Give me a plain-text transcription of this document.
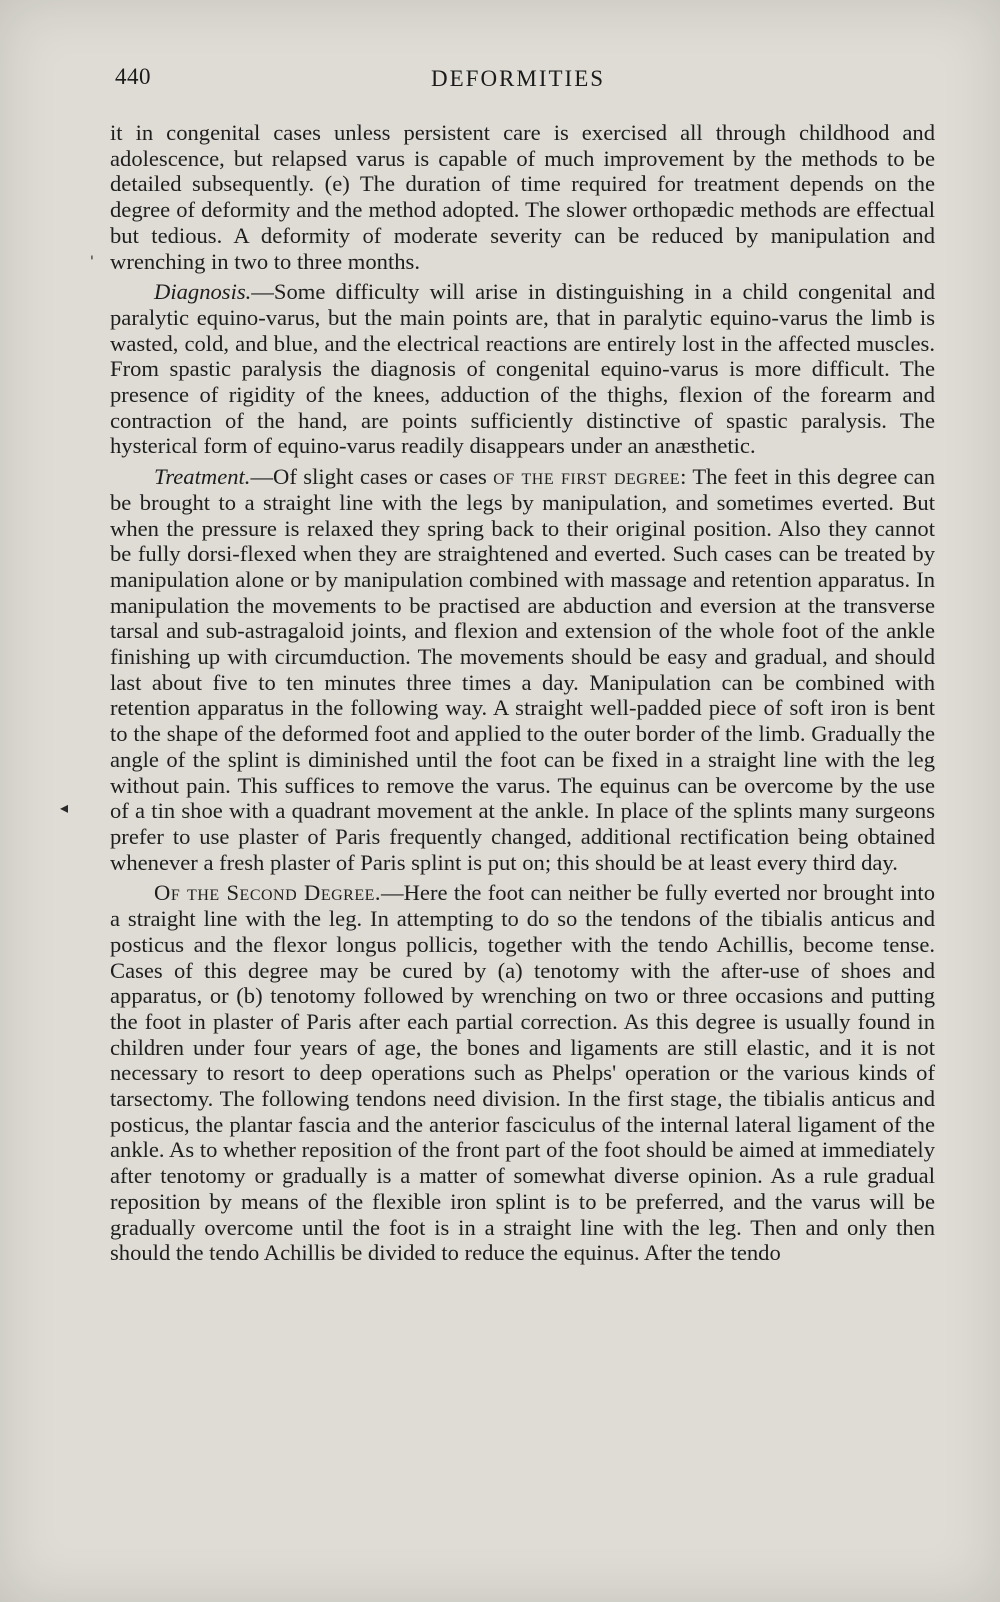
440	DEFORMITIES
'
◂

it in congenital cases unless persistent care is exercised all through childhood and adolescence, but relapsed varus is capable of much improvement by the methods to be detailed subsequently. (e) The duration of time required for treatment depends on the degree of deformity and the method adopted. The slower orthopædic methods are effectual but tedious. A deformity of moderate severity can be reduced by manipulation and wrenching in two to three months.

Diagnosis.—Some difficulty will arise in distinguishing in a child congenital and paralytic equino-varus, but the main points are, that in paralytic equino-varus the limb is wasted, cold, and blue, and the electrical reactions are entirely lost in the affected muscles. From spastic paralysis the diagnosis of congenital equino-varus is more difficult. The presence of rigidity of the knees, adduction of the thighs, flexion of the forearm and contraction of the hand, are points sufficiently distinctive of spastic paralysis. The hysterical form of equino-varus readily disappears under an anæsthetic.

Treatment.—Of slight cases or cases of the first degree: The feet in this degree can be brought to a straight line with the legs by manipulation, and sometimes everted. But when the pressure is relaxed they spring back to their original position. Also they cannot be fully dorsi-flexed when they are straightened and everted. Such cases can be treated by manipulation alone or by manipulation combined with massage and retention apparatus. In manipulation the movements to be practised are abduction and eversion at the transverse tarsal and sub-astragaloid joints, and flexion and extension of the whole foot of the ankle finishing up with circumduction. The movements should be easy and gradual, and should last about five to ten minutes three times a day. Manipulation can be combined with retention apparatus in the following way. A straight well-padded piece of soft iron is bent to the shape of the deformed foot and applied to the outer border of the limb. Gradually the angle of the splint is diminished until the foot can be fixed in a straight line with the leg without pain. This suffices to remove the varus. The equinus can be overcome by the use of a tin shoe with a quadrant movement at the ankle. In place of the splints many surgeons prefer to use plaster of Paris frequently changed, additional rectification being obtained whenever a fresh plaster of Paris splint is put on; this should be at least every third day.

Of the Second Degree.—Here the foot can neither be fully everted nor brought into a straight line with the leg. In attempting to do so the tendons of the tibialis anticus and posticus and the flexor longus pollicis, together with the tendo Achillis, become tense. Cases of this degree may be cured by (a) tenotomy with the after-use of shoes and apparatus, or (b) tenotomy followed by wrenching on two or three occasions and putting the foot in plaster of Paris after each partial correction. As this degree is usually found in children under four years of age, the bones and ligaments are still elastic, and it is not necessary to resort to deep operations such as Phelps' operation or the various kinds of tarsectomy. The following tendons need division. In the first stage, the tibialis anticus and posticus, the plantar fascia and the anterior fasciculus of the internal lateral ligament of the ankle. As to whether reposition of the front part of the foot should be aimed at immediately after tenotomy or gradually is a matter of somewhat diverse opinion. As a rule gradual reposition by means of the flexible iron splint is to be preferred, and the varus will be gradually overcome until the foot is in a straight line with the leg. Then and only then should the tendo Achillis be divided to reduce the equinus. After the tendo
